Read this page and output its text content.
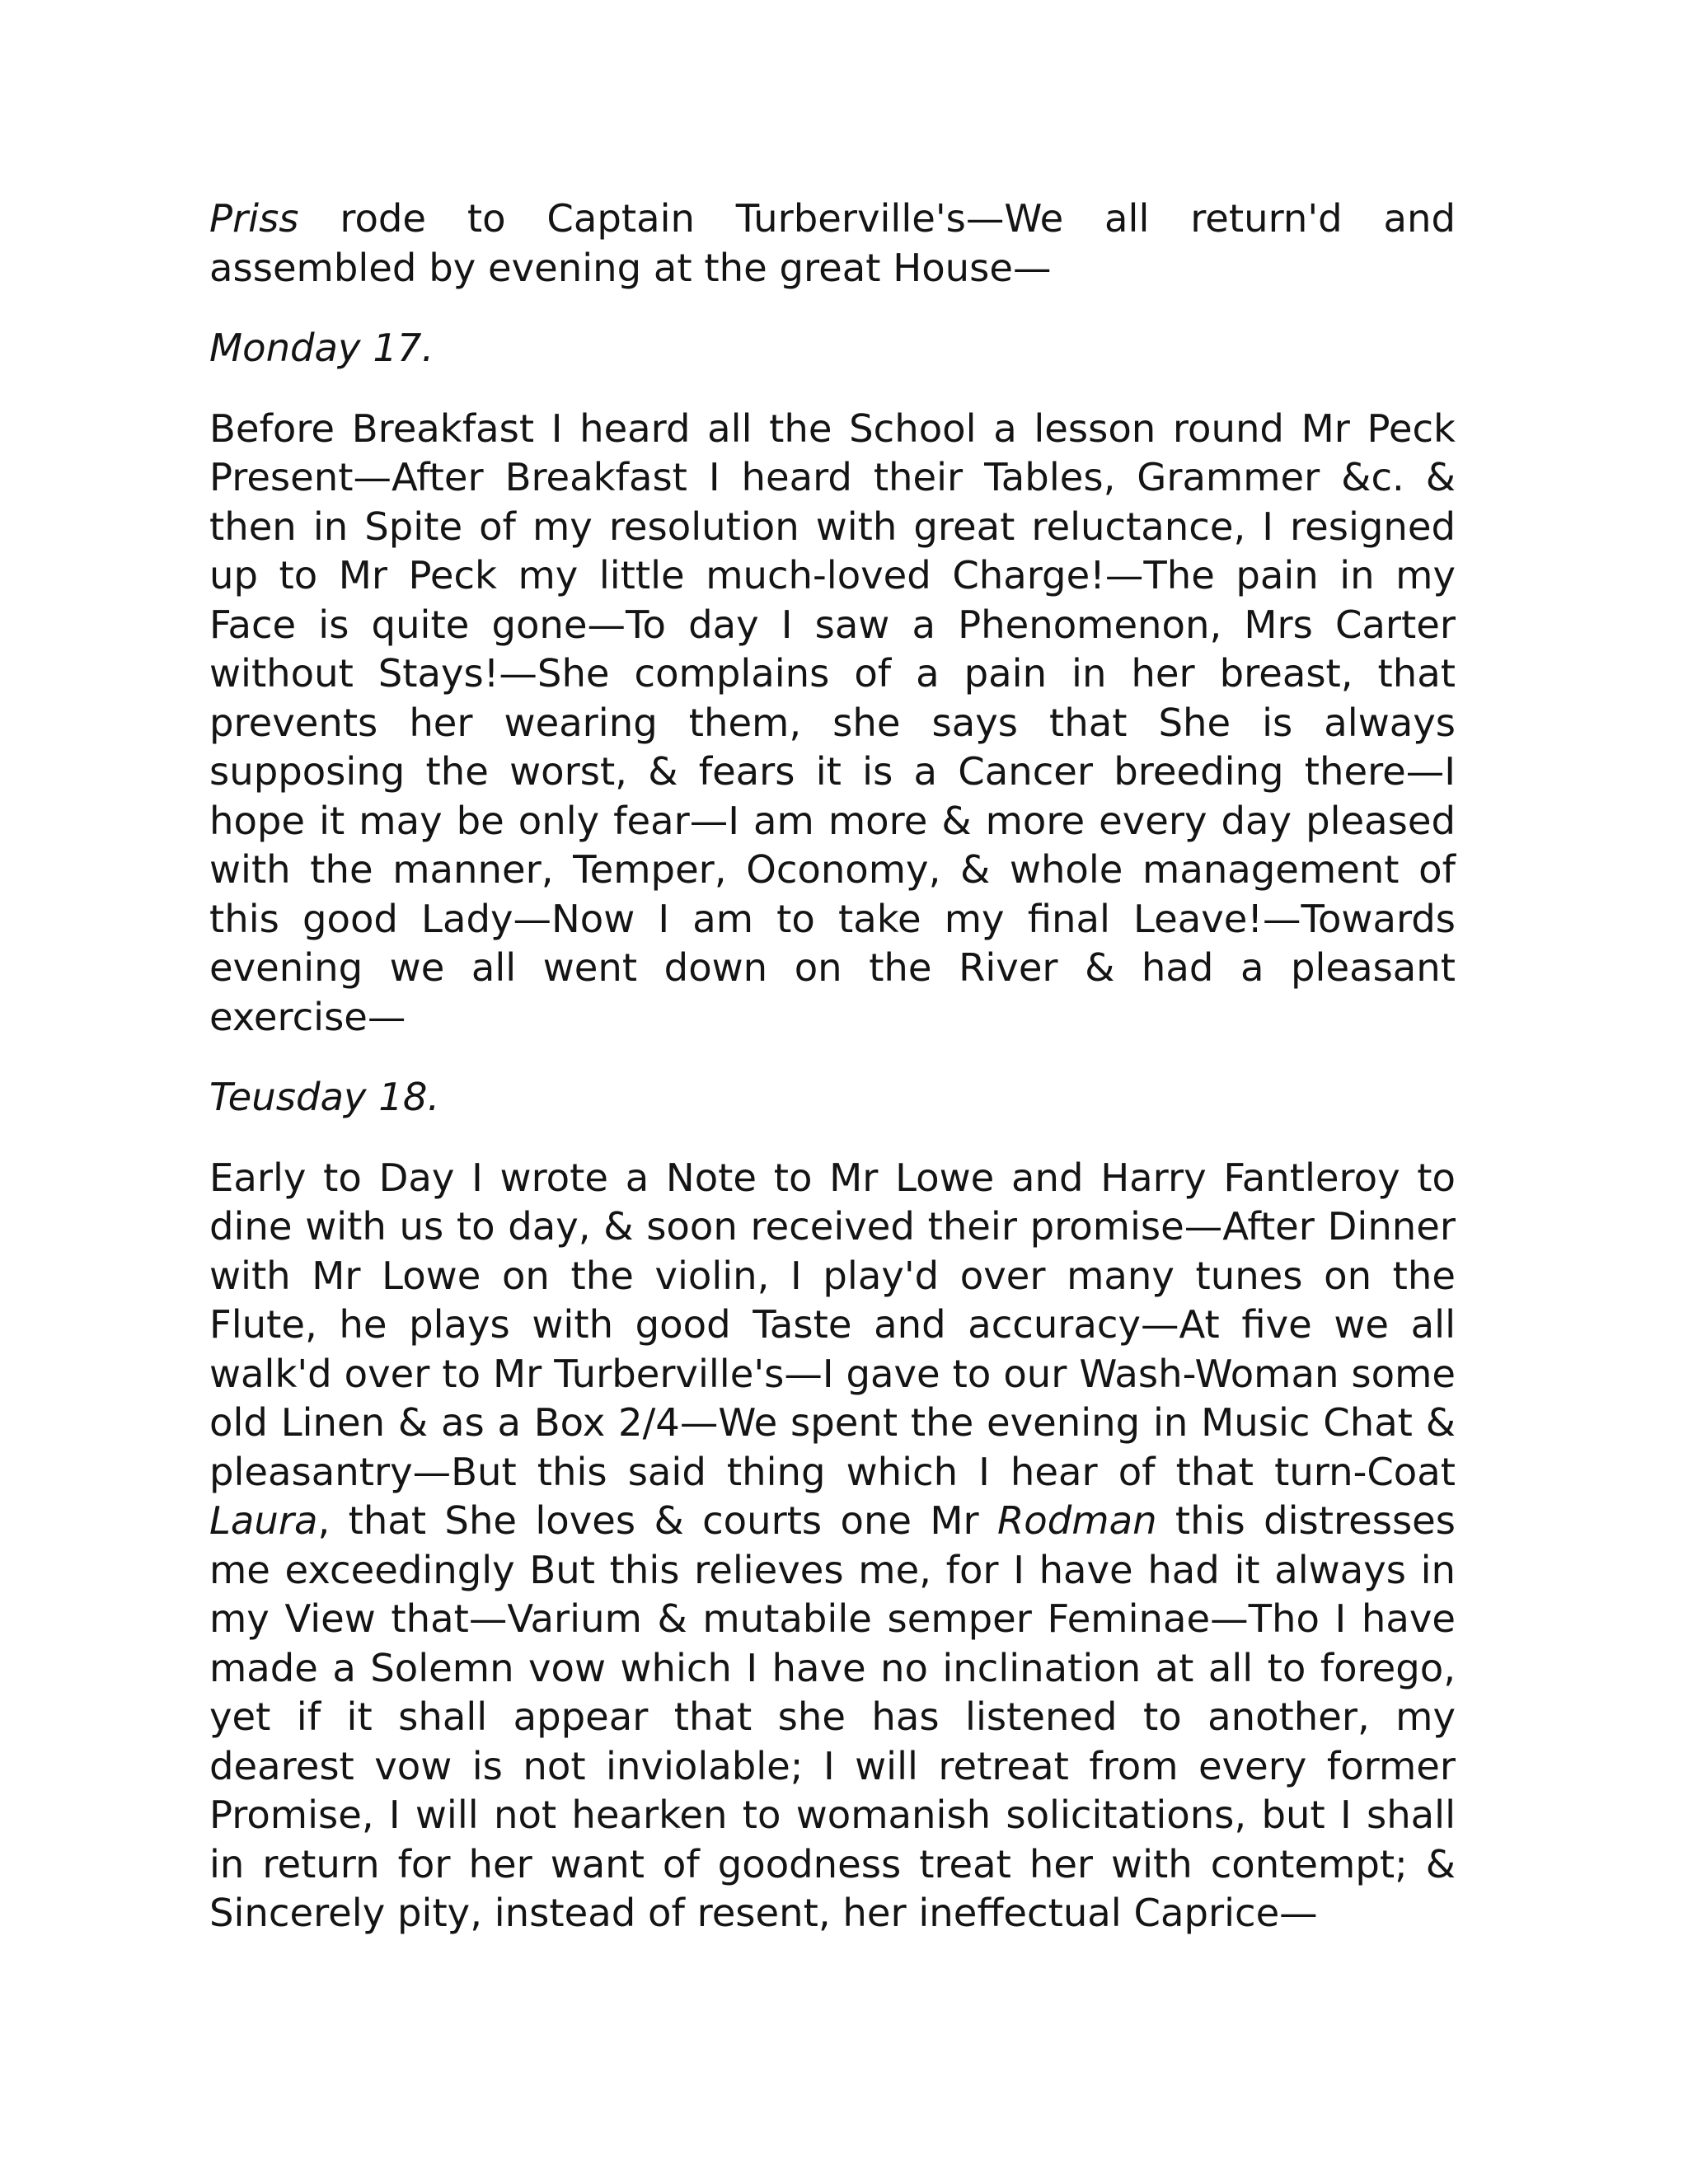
Priss rode to Captain Turberville's—We all return'd and assembled by evening at the great House—

Monday 17.

Before Breakfast I heard all the School a lesson round Mr Peck Present—After Breakfast I heard their Tables, Grammer &c. & then in Spite of my resolution with great reluctance, I resigned up to Mr Peck my little much-loved Charge!—The pain in my Face is quite gone—To day I saw a Phenomenon, Mrs Carter without Stays!—She complains of a pain in her breast, that prevents her wearing them, she says that She is always supposing the worst, & fears it is a Cancer breeding there—I hope it may be only fear—I am more & more every day pleased with the manner, Temper, Oconomy, & whole management of this good Lady—Now I am to take my final Leave!—Towards evening we all went down on the River & had a pleasant exercise—

Teusday 18.

Early to Day I wrote a Note to Mr Lowe and Harry Fantleroy to dine with us to day, & soon received their promise—After Dinner with Mr Lowe on the violin, I play'd over many tunes on the Flute, he plays with good Taste and accuracy—At five we all walk'd over to Mr Turberville's—I gave to our Wash-Woman some old Linen & as a Box 2/4—We spent the evening in Music Chat & pleasantry—But this said thing which I hear of that turn-Coat Laura, that She loves & courts one Mr Rodman this distresses me exceedingly But this relieves me, for I have had it always in my View that—Varium & mutabile semper Feminae—Tho I have made a Solemn vow which I have no inclination at all to forego, yet if it shall appear that she has listened to another, my dearest vow is not inviolable; I will retreat from every former Promise, I will not hearken to womanish solicitations, but I shall in return for her want of goodness treat her with contempt; & Sincerely pity, instead of resent, her ineffectual Caprice—
